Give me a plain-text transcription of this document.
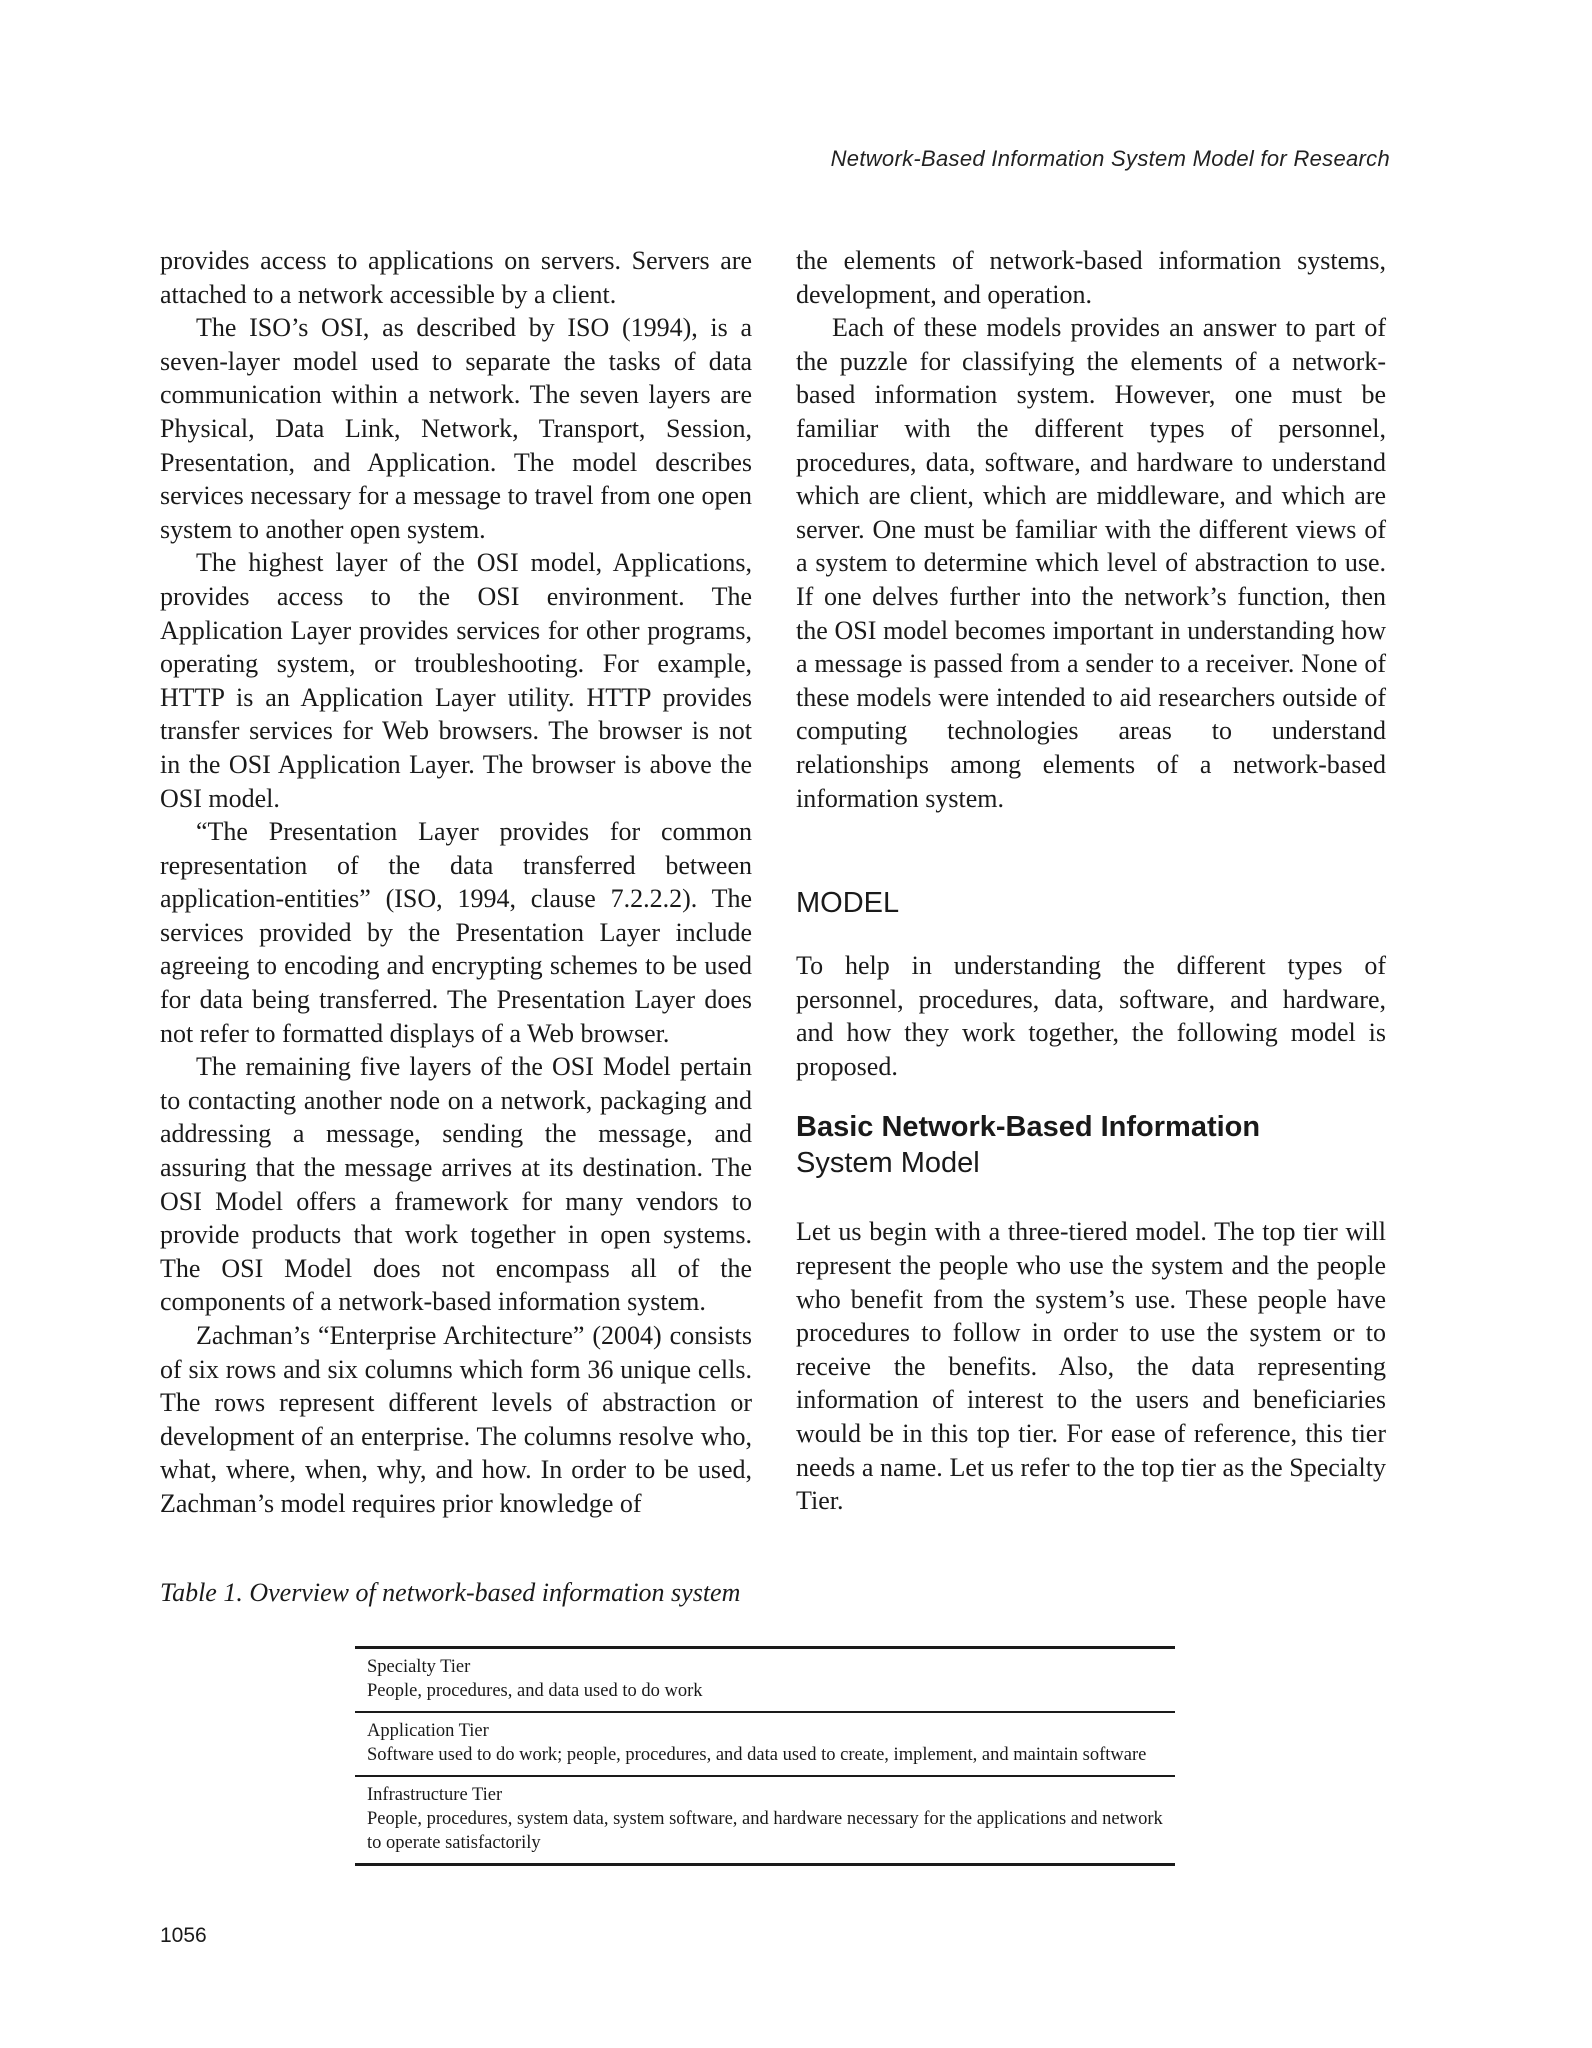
Network-Based Information System Model for Research

provides access to applications on servers. Servers are attached to a network accessible by a client.

The ISO’s OSI, as described by ISO (1994), is a seven-layer model used to separate the tasks of data communication within a network. The seven layers are Physical, Data Link, Network, Transport, Session, Presentation, and Application. The model describes services necessary for a message to travel from one open system to another open system.

The highest layer of the OSI model, Applications, provides access to the OSI environment. The Application Layer provides services for other programs, operating system, or troubleshooting. For example, HTTP is an Application Layer utility. HTTP provides transfer services for Web browsers. The browser is not in the OSI Application Layer. The browser is above the OSI model.

“The Presentation Layer provides for common representation of the data transferred between application-entities” (ISO, 1994, clause 7.2.2.2). The services provided by the Presentation Layer include agreeing to encoding and encrypting schemes to be used for data being transferred. The Presentation Layer does not refer to formatted displays of a Web browser.

The remaining five layers of the OSI Model pertain to contacting another node on a network, packaging and addressing a message, sending the message, and assuring that the message arrives at its destination. The OSI Model offers a framework for many vendors to provide products that work together in open systems. The OSI Model does not encompass all of the components of a network-based information system.

Zachman’s “Enterprise Architecture” (2004) consists of six rows and six columns which form 36 unique cells. The rows represent different levels of abstraction or development of an enterprise. The columns resolve who, what, where, when, why, and how. In order to be used, Zachman’s model requires prior knowledge of

the elements of network-based information systems, development, and operation.

Each of these models provides an answer to part of the puzzle for classifying the elements of a network-based information system. However, one must be familiar with the different types of personnel, procedures, data, software, and hardware to understand which are client, which are middleware, and which are server. One must be familiar with the different views of a system to determine which level of abstraction to use. If one delves further into the network’s function, then the OSI model becomes important in understanding how a message is passed from a sender to a receiver. None of these models were intended to aid researchers outside of computing technologies areas to understand relationships among elements of a network-based information system.

MODEL

To help in understanding the different types of personnel, procedures, data, software, and hardware, and how they work together, the following model is proposed.

Basic Network-Based Information
System Model

Let us begin with a three-tiered model. The top tier will represent the people who use the system and the people who benefit from the system’s use. These people have procedures to follow in order to use the system or to receive the benefits. Also, the data representing information of interest to the users and beneficiaries would be in this top tier. For ease of reference, this tier needs a name. Let us refer to the top tier as the Specialty Tier.

Table 1. Overview of network-based information system
Specialty Tier
People, procedures, and data used to do work
Application Tier
Software used to do work; people, procedures, and data used to create, implement, and maintain software
Infrastructure Tier
People, procedures, system data, system software, and hardware necessary for the applications and network to operate satisfactorily
1056
